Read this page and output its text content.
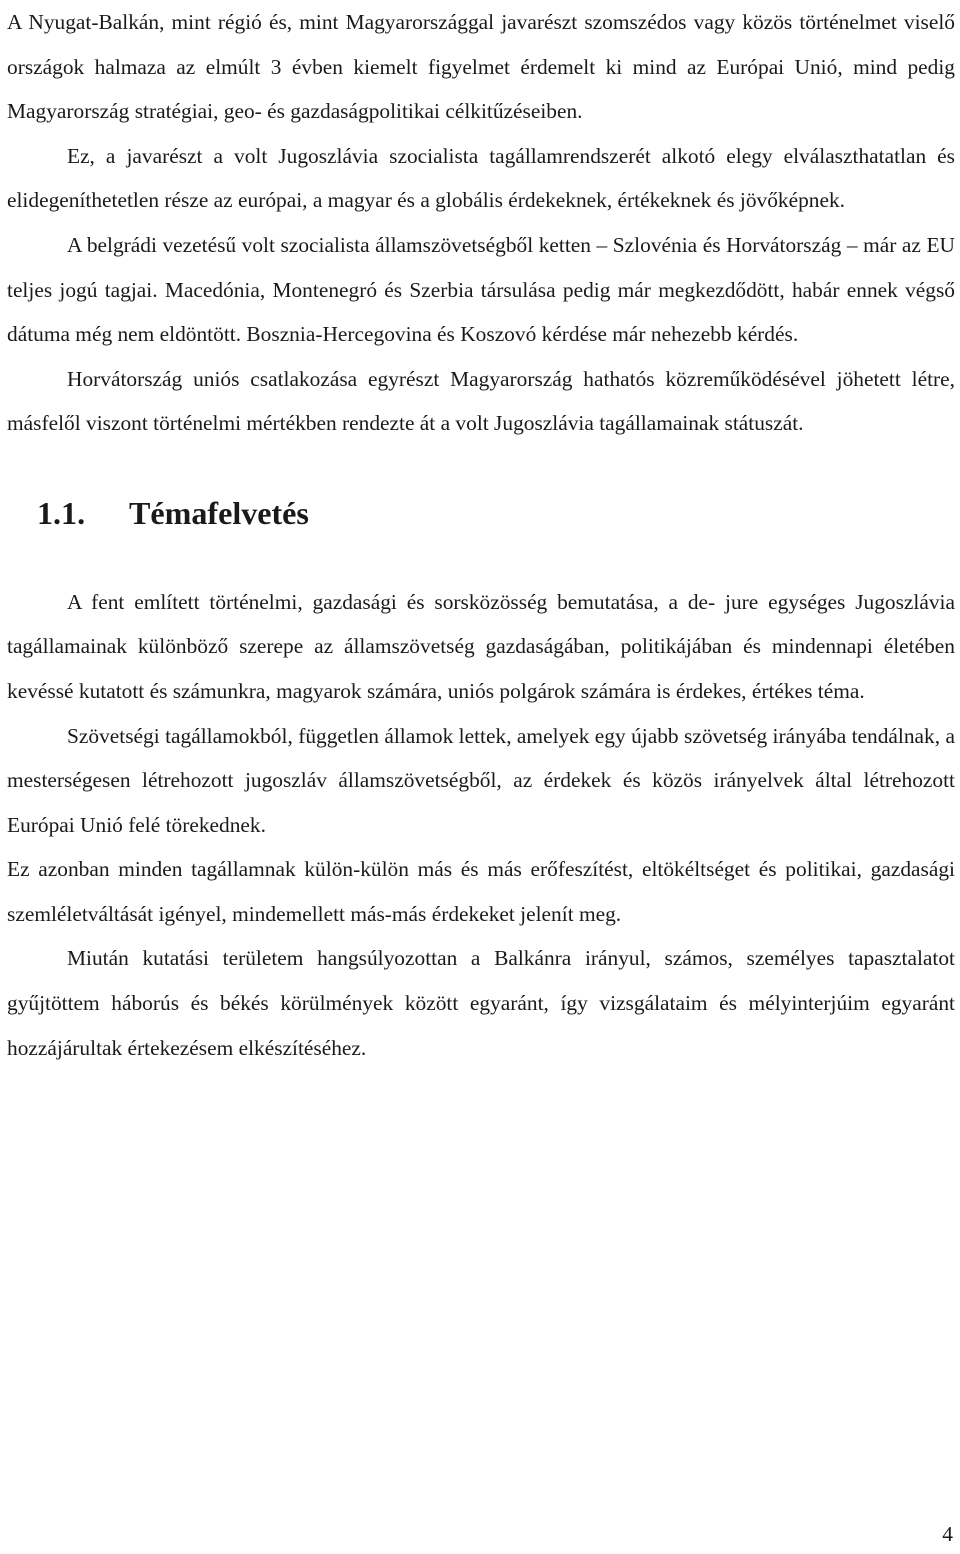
A Nyugat-Balkán, mint régió és, mint Magyarországgal javarészt szomszédos vagy közös történelmet viselő országok halmaza az elmúlt 3 évben kiemelt figyelmet érdemelt ki mind az Európai Unió, mind pedig Magyarország stratégiai, geo- és gazdaságpolitikai célkitűzéseiben.

Ez, a javarészt a volt Jugoszlávia szocialista tagállamrendszerét alkotó elegy elválaszthatatlan és elidegeníthetetlen része az európai, a magyar és a globális érdekeknek, értékeknek és jövőképnek.

A belgrádi vezetésű volt szocialista államszövetségből ketten – Szlovénia és Horvátország – már az EU teljes jogú tagjai. Macedónia, Montenegró és Szerbia társulása pedig már megkezdődött, habár ennek végső dátuma még nem eldöntött. Bosznia-Hercegovina és Koszovó kérdése már nehezebb kérdés.

Horvátország uniós csatlakozása egyrészt Magyarország hathatós közreműködésével jöhetett létre, másfelől viszont történelmi mértékben rendezte át a volt Jugoszlávia tagállamainak státuszát.

1.1. Témafelvetés

A fent említett történelmi, gazdasági és sorsközösség bemutatása, a de- jure egységes Jugoszlávia tagállamainak különböző szerepe az államszövetség gazdaságában, politikájában és mindennapi életében kevéssé kutatott és számunkra, magyarok számára, uniós polgárok számára is érdekes, értékes téma.

Szövetségi tagállamokból, független államok lettek, amelyek egy újabb szövetség irányába tendálnak, a mesterségesen létrehozott jugoszláv államszövetségből, az érdekek és közös irányelvek által létrehozott Európai Unió felé törekednek.

Ez azonban minden tagállamnak külön-külön más és más erőfeszítést, eltökéltséget és politikai, gazdasági szemléletváltását igényel, mindemellett más-más érdekeket jelenít meg.

Miután kutatási területem hangsúlyozottan a Balkánra irányul, számos, személyes tapasztalatot gyűjtöttem háborús és békés körülmények között egyaránt, így vizsgálataim és mélyinterjúim egyaránt hozzájárultak értekezésem elkészítéséhez.

4
